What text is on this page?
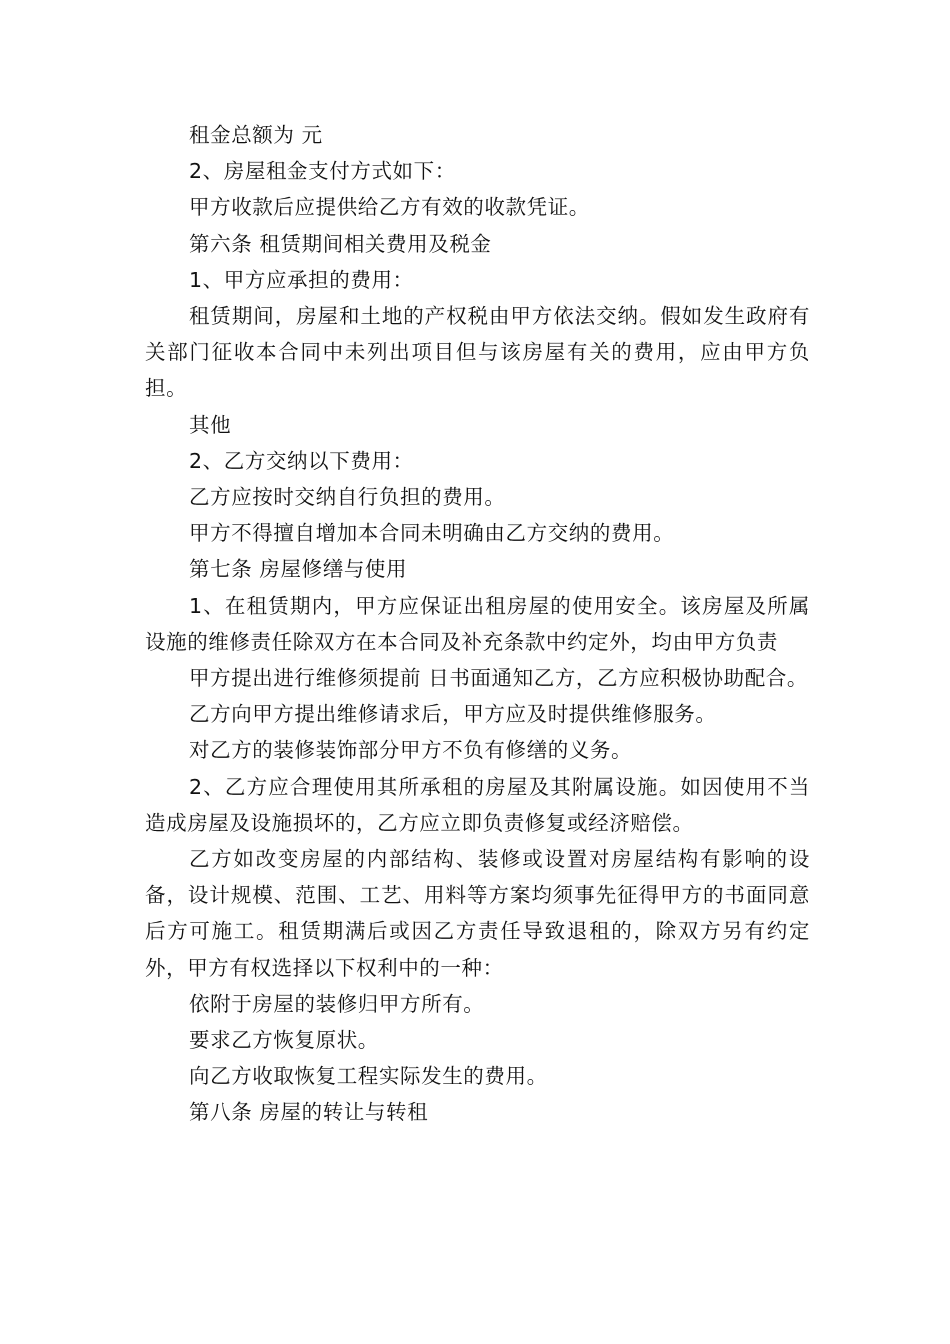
租金总额为 元

2、房屋租金支付方式如下：

甲方收款后应提供给乙方有效的收款凭证。

第六条 租赁期间相关费用及税金

1、甲方应承担的费用：

租赁期间，房屋和土地的产权税由甲方依法交纳。假如发生政府有关部门征收本合同中未列出项目但与该房屋有关的费用，应由甲方负担。

其他

2、乙方交纳以下费用：

乙方应按时交纳自行负担的费用。

甲方不得擅自增加本合同未明确由乙方交纳的费用。

第七条 房屋修缮与使用

1、在租赁期内，甲方应保证出租房屋的使用安全。该房屋及所属设施的维修责任除双方在本合同及补充条款中约定外，均由甲方负责

甲方提出进行维修须提前 日书面通知乙方，乙方应积极协助配合。

乙方向甲方提出维修请求后，甲方应及时提供维修服务。

对乙方的装修装饰部分甲方不负有修缮的义务。

2、乙方应合理使用其所承租的房屋及其附属设施。如因使用不当造成房屋及设施损坏的，乙方应立即负责修复或经济赔偿。

乙方如改变房屋的内部结构、装修或设置对房屋结构有影响的设备，设计规模、范围、工艺、用料等方案均须事先征得甲方的书面同意后方可施工。租赁期满后或因乙方责任导致退租的，除双方另有约定外，甲方有权选择以下权利中的一种：

依附于房屋的装修归甲方所有。

要求乙方恢复原状。

向乙方收取恢复工程实际发生的费用。

第八条 房屋的转让与转租
